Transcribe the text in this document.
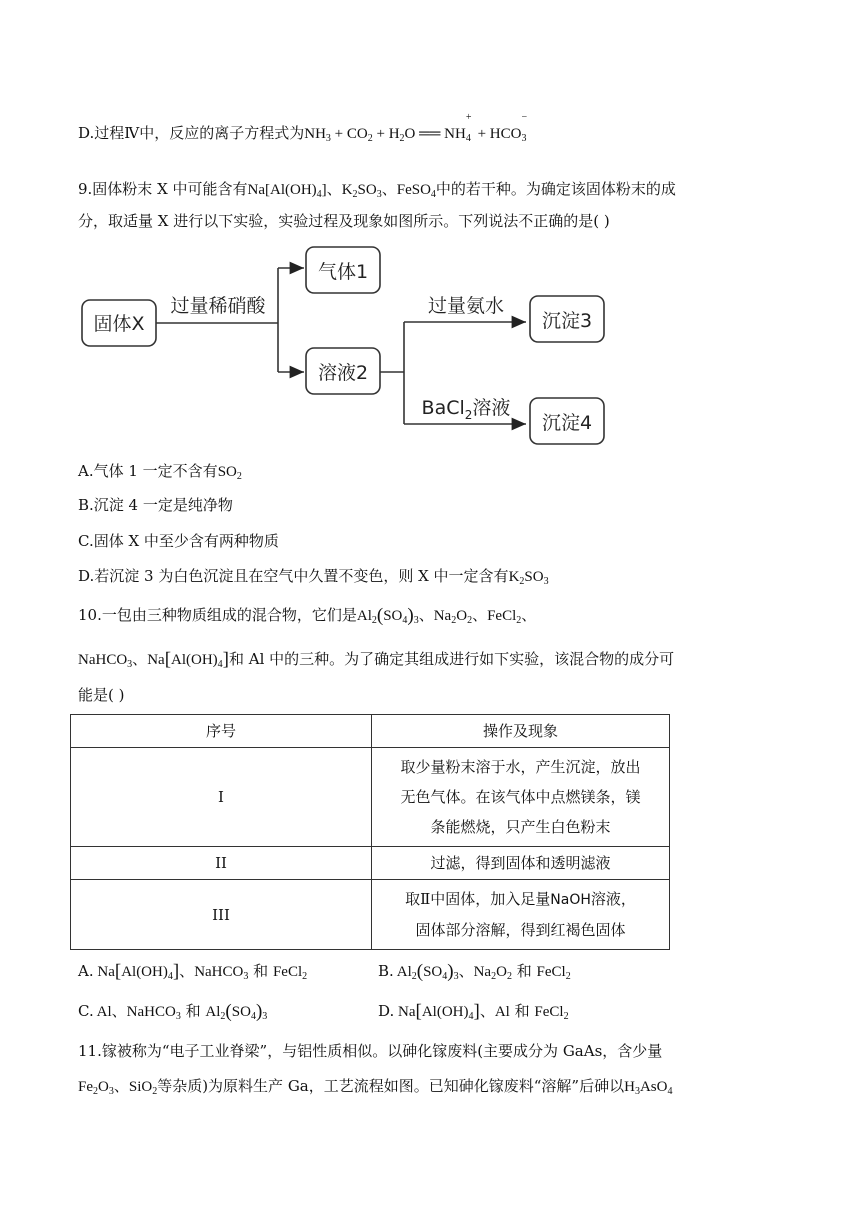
D.过程Ⅳ中，反应的离子方程式为$NH_3 + CO_2 + H_2O$ ══ NH
+
$_4$ + HCO
−
$_3$
9.固体粉末 X 中可能含有$Na[Al(OH)_4]$、$K_2SO_3$、FeSO$_4$中的若干种。为确定该固体粉末的成
分，取适量 X 进行以下实验，实验过程及现象如图所示。下列说法不正确的是( )
固体X
过量稀硝酸
气体1
溶液2
过量氨水
BaCl$_2$溶液
沉淀3
沉淀4
A.气体 1 一定不含有$SO_2$
B.沉淀 4 一定是纯净物
C.固体 X 中至少含有两种物质
D.若沉淀 3 为白色沉淀且在空气中久置不变色，则 X 中一定含有$K_2SO_3$
10.一包由三种物质组成的混合物，它们是$Al_2(SO_4)_3$、$Na_2O_2$、FeCl$_2$、
NaHCO$_3$、$Na[Al(OH)_4]$和 Al 中的三种。为了确定其组成进行如下实验，该混合物的成分可
能是( )
序号	操作及现象
I	取少量粉末溶于水，产生沉淀，放出
无色气体。在该气体中点燃镁条，镁
条能燃烧，只产生白色粉末

II	过滤，得到固体和透明滤液
III	取Ⅱ中固体，加入足量NaOH溶液，
固体部分溶解，得到红褐色固体
A. $Na[Al(OH)_4]$、NaHCO$_3$ 和 FeCl$_2$	B. $Al_2(SO_4)_3$、$Na_2O_2$ 和 FeCl$_2$
C. Al、NaHCO$_3$ 和 $Al_2(SO_4)_3$	D. $Na[Al(OH)_4]$、Al 和 FeCl$_2$
11.镓被称为“电子工业脊梁”，与铝性质相似。以砷化镓废料(主要成分为 GaAs，含少量
$Fe_2O_3$、SiO$_2$等杂质)为原料生产 Ga，工艺流程如图。已知砷化镓废料“溶解”后砷以$H_3AsO_4$
